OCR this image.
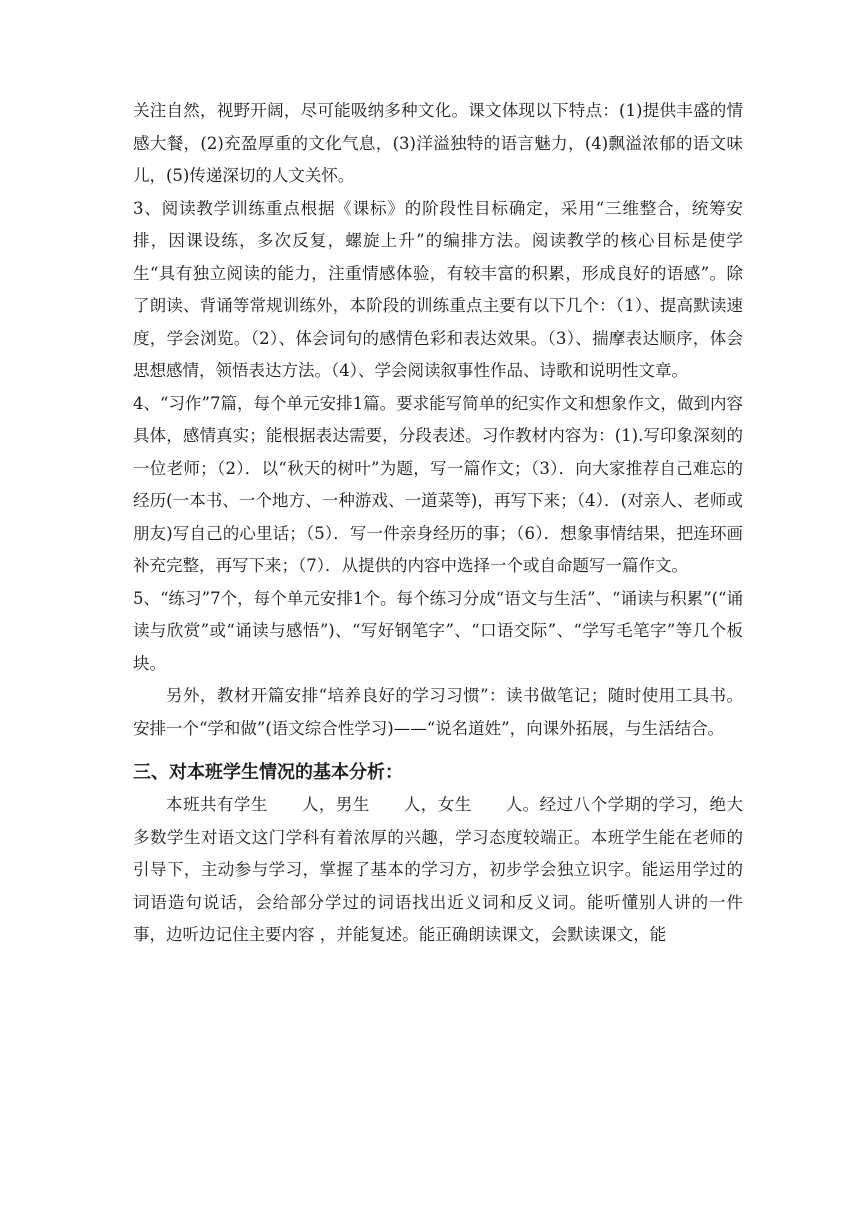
关注自然，视野开阔，尽可能吸纳多种文化。课文体现以下特点：(1)提供丰盛的情感大餐，(2)充盈厚重的文化气息，(3)洋溢独特的语言魅力，(4)飘溢浓郁的语文味儿，(5)传递深切的人文关怀。

3、阅读教学训练重点根据《课标》的阶段性目标确定，采用“三维整合，统筹安排，因课设练，多次反复，螺旋上升”的编排方法。阅读教学的核心目标是使学生“具有独立阅读的能力，注重情感体验，有较丰富的积累，形成良好的语感”。除了朗读、背诵等常规训练外，本阶段的训练重点主要有以下几个：（1）、提高默读速度，学会浏览。（2）、体会词句的感情色彩和表达效果。（3）、揣摩表达顺序，体会思想感情，领悟表达方法。（4）、学会阅读叙事性作品、诗歌和说明性文章。

4、“习作”7篇，每个单元安排1篇。要求能写简单的纪实作文和想象作文，做到内容具体，感情真实；能根据表达需要，分段表述。习作教材内容为：(1).写印象深刻的一位老师；（2）．以“秋天的树叶”为题，写一篇作文；（3）．向大家推荐自己难忘的经历(一本书、一个地方、一种游戏、一道菜等)，再写下来；（4）．(对亲人、老师或朋友)写自己的心里话；（5）．写一件亲身经历的事；（6）．想象事情结果，把连环画补充完整，再写下来；（7）．从提供的内容中选择一个或自命题写一篇作文。

5、“练习”7个，每个单元安排1个。每个练习分成“语文与生活”、“诵读与积累”(“诵读与欣赏”或“诵读与感悟”)、“写好钢笔字”、“口语交际”、“学写毛笔字”等几个板块。

另外，教材开篇安排“培养良好的学习习惯”：读书做笔记；随时使用工具书。安排一个“学和做”(语文综合性学习)——“说名道姓”，向课外拓展，与生活结合。

三、对本班学生情况的基本分析：

本班共有学生　　人，男生　　人，女生　　人。经过八个学期的学习，绝大多数学生对语文这门学科有着浓厚的兴趣，学习态度较端正。本班学生能在老师的引导下，主动参与学习，掌握了基本的学习方，初步学会独立识字。能运用学过的词语造句说话，会给部分学过的词语找出近义词和反义词。能听懂别人讲的一件事，边听边记住主要内容 ，并能复述。能正确朗读课文，会默读课文，能
